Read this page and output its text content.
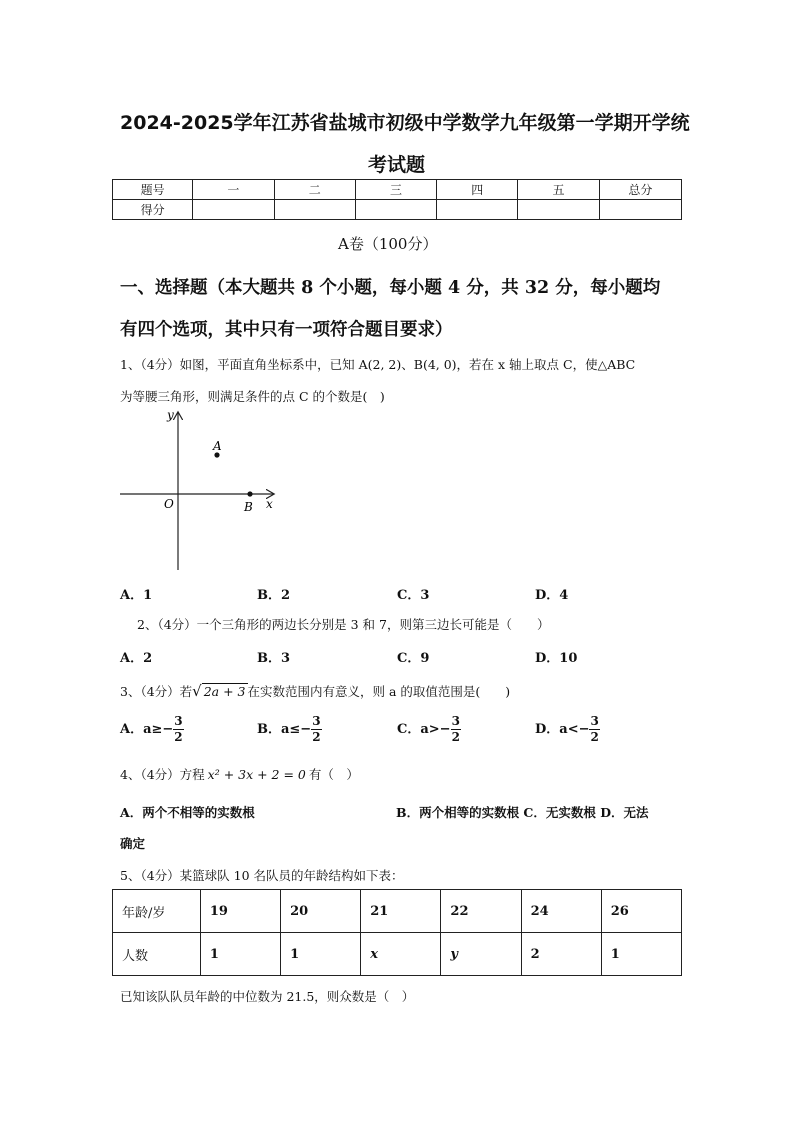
2024-2025学年江苏省盐城市初级中学数学九年级第一学期开学统
考试题
题号	一	二	三	四	五	总分
得分						
A卷（100分）
一、选择题（本大题共 8 个小题，每小题 4 分，共 32 分，每小题均
有四个选项，其中只有一项符合题目要求）
1、（4分）如图，平面直角坐标系中，已知 A(2, 2)、B(4, 0)，若在 x 轴上取点 C，使△ABC
为等腰三角形，则满足条件的点 C 的个数是(　)
y
x
O
A
B
A．1	B．2	C．3	D．4
2、（4分）一个三角形的两边长分别是 3 和 7，则第三边长可能是（　　）
A．2	B．3	C．9	D．10
3、（4分）若√ 2a + 3 在实数范围内有意义，则 a 的取值范围是(　　)
A．$a\ge- \frac{3}{2}$	B．$a\le- \frac{3}{2}$	C．$a>- \frac{3}{2}$	D．$a<- \frac{3}{2}$
4、（4分）方程 x² + 3x + 2 = 0 有（　）
A．两个不相等的实数根	B．两个相等的实数根 C．无实数根 D．无法
确定
5、（4分）某篮球队 10 名队员的年龄结构如下表：
年龄/岁	19	20	21	22	24	26
人数	1	1	x	y	2	1
已知该队队员年龄的中位数为 21.5，则众数是（　）
